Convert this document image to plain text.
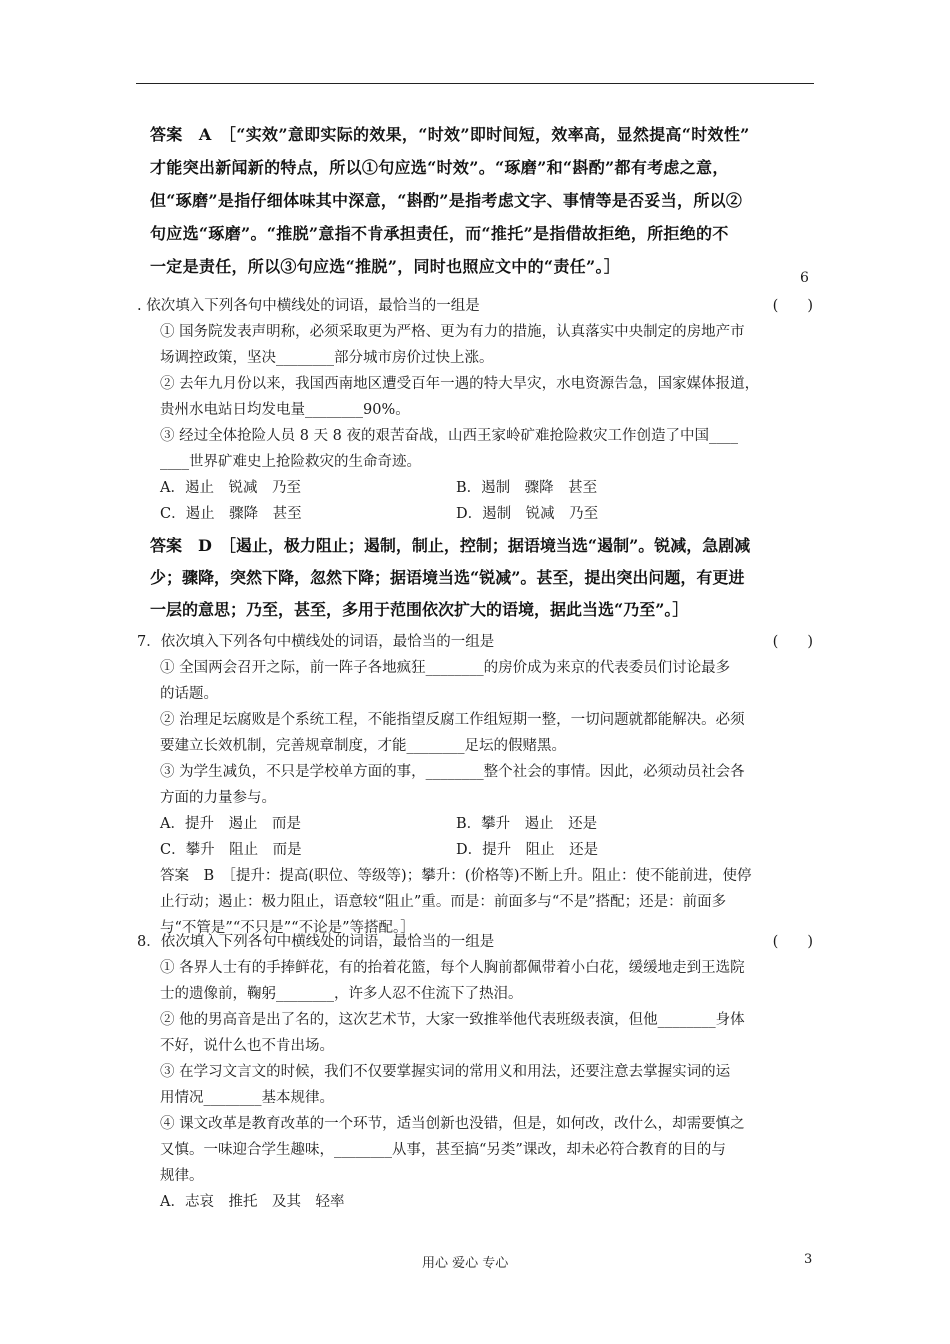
答案　A　［“实效”意即实际的效果，“时效”即时间短，效率高，显然提高“时效性”

才能突出新闻新的特点，所以①句应选“时效”。“琢磨”和“斟酌”都有考虑之意，

但“琢磨”是指仔细体味其中深意，“斟酌”是指考虑文字、事情等是否妥当，所以②

句应选“琢磨”。“推脱”意指不肯承担责任，而“推托”是指借故拒绝，所拒绝的不

一定是责任，所以③句应选“推脱”，同时也照应文中的“责任”。］

6

. 依次填入下列各句中横线处的词语，最恰当的一组是	(　　)

① 国务院发表声明称，必须采取更为严格、更为有力的措施，认真落实中央制定的房地产市

场调控政策，坚决________部分城市房价过快上涨。

② 去年九月份以来，我国西南地区遭受百年一遇的特大旱灾，水电资源告急，国家媒体报道，

贵州水电站日均发电量________90%。

③ 经过全体抢险人员 8 天 8 夜的艰苦奋战，山西王家岭矿难抢险救灾工作创造了中国____

____世界矿难史上抢险救灾的生命奇迹。

A．遏止　锐减　乃至	B．遏制　骤降　甚至
C．遏止　骤降　甚至	D．遏制　锐减　乃至

答案　D　［遏止，极力阻止；遏制，制止，控制；据语境当选“遏制”。锐减，急剧减

少；骤降，突然下降，忽然下降；据语境当选“锐减”。甚至，提出突出问题，有更进

一层的意思；乃至，甚至，多用于范围依次扩大的语境，据此当选“乃至”。］

7．依次填入下列各句中横线处的词语，最恰当的一组是	(　　)

① 全国两会召开之际，前一阵子各地疯狂________的房价成为来京的代表委员们讨论最多

的话题。

② 治理足坛腐败是个系统工程，不能指望反腐工作组短期一整，一切问题就都能解决。必须

要建立长效机制，完善规章制度，才能________足坛的假赌黑。

③ 为学生减负，不只是学校单方面的事，________整个社会的事情。因此，必须动员社会各

方面的力量参与。

A．提升　遏止　而是	B．攀升　遏止　还是
C．攀升　阻止　而是	D．提升　阻止　还是

答案　B　［提升：提高(职位、等级等)；攀升：(价格等)不断上升。阻止：使不能前进，使停

止行动；遏止：极力阻止，语意较“阻止”重。而是：前面多与“不是”搭配；还是：前面多

与“不管是”“不只是”“不论是”等搭配。］

8．依次填入下列各句中横线处的词语，最恰当的一组是	(　　)

① 各界人士有的手捧鲜花，有的抬着花篮，每个人胸前都佩带着小白花，缓缓地走到王选院

士的遗像前，鞠躬________，许多人忍不住流下了热泪。

② 他的男高音是出了名的，这次艺术节，大家一致推举他代表班级表演，但他________身体

不好，说什么也不肯出场。

③ 在学习文言文的时候，我们不仅要掌握实词的常用义和用法，还要注意去掌握实词的运

用情况________基本规律。

④ 课文改革是教育改革的一个环节，适当创新也没错，但是，如何改，改什么，却需要慎之

又慎。一味迎合学生趣味，________从事，甚至搞“另类”课改，却未必符合教育的目的与

规律。

A．志哀　推托　及其　轻率
用心 爱心 专心	3
